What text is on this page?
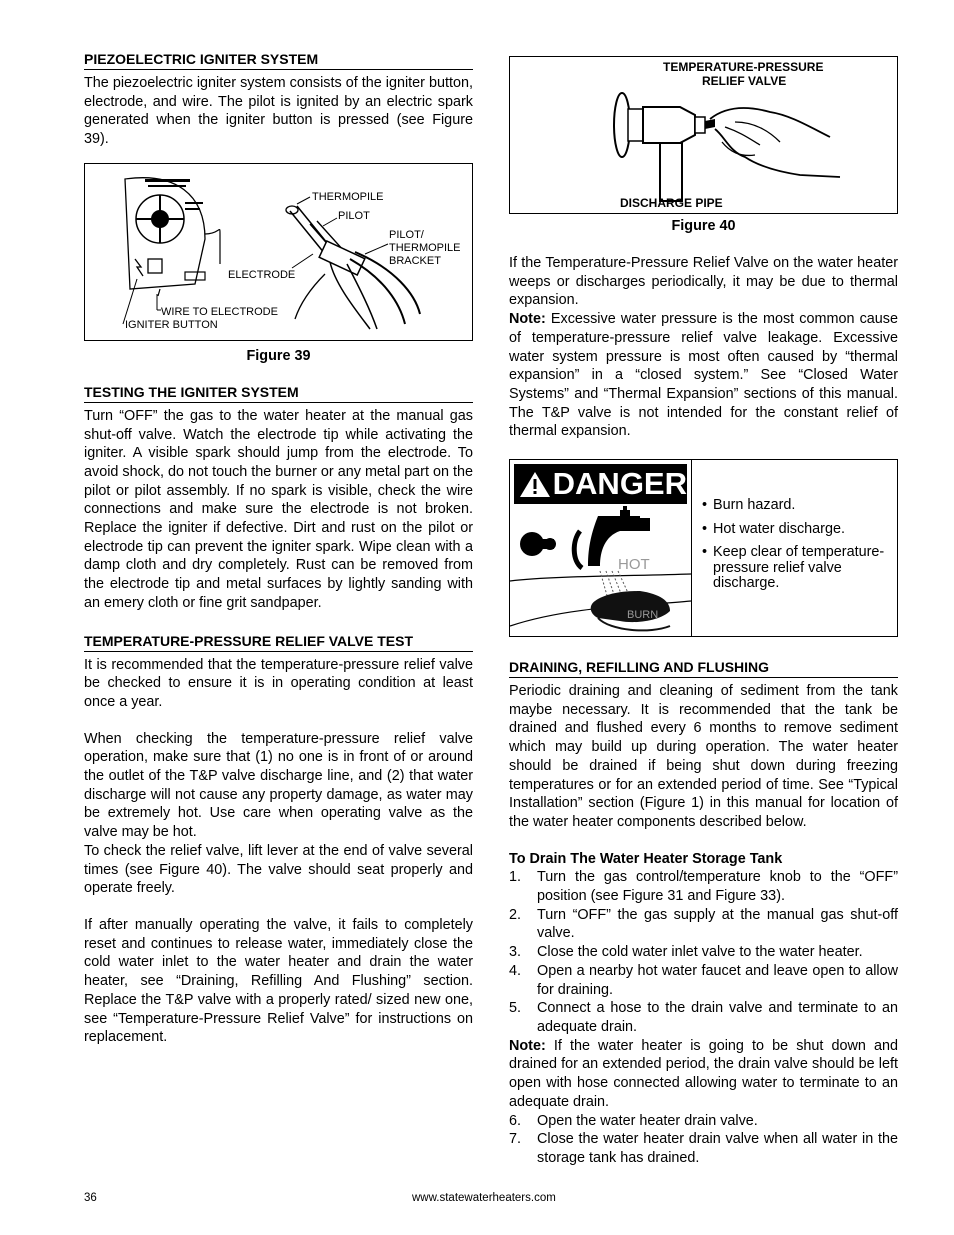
PIEZOELECTRIC IGNITER SYSTEM

The piezoelectric igniter system consists of the igniter button, electrode, and wire. The pilot is ignited by an electric spark generated when the igniter button is pressed (see Figure 39).

THERMOPILE
PILOT
PILOT/
THERMOPILE
BRACKET
ELECTRODE
WIRE TO ELECTRODE
IGNITER BUTTON
Figure 39
TESTING THE IGNITER SYSTEM

Turn “OFF” the gas to the water heater at the manual gas shut-off valve. Watch the electrode tip while activating the igniter. A visible spark should jump from the electrode. To avoid shock, do not touch the burner or any metal part on the pilot or pilot assembly. If no spark is visible, check the wire connections and make sure the electrode is not broken. Replace the igniter if defective. Dirt and rust on the pilot or electrode tip can prevent the igniter spark. Wipe clean with a damp cloth and dry completely. Rust can be removed from the electrode tip and metal surfaces by lightly sanding with an emery cloth or fine grit sandpaper.

TEMPERATURE-PRESSURE RELIEF VALVE TEST

It is recommended that the temperature-pressure relief valve be checked to ensure it is in operating condition at least once a year.

When checking the temperature-pressure relief valve operation, make sure that (1) no one is in front of or around the outlet of the T&P valve discharge line, and (2) that water discharge will not cause any property damage, as water may be extremely hot. Use care when operating valve as the valve may be hot.

To check the relief valve, lift lever at the end of valve several times (see Figure 40). The valve should seat properly and operate freely.

If after manually operating the valve, it fails to completely reset and continues to release water, immediately close the cold water inlet to the water heater and drain the water heater, see “Draining, Refilling And Flushing” section. Replace the T&P valve with a properly rated/ sized new one, see “Temperature-Pressure Relief Valve” for instructions on replacement.

TEMPERATURE-PRESSURE
RELIEF VALVE
DISCHARGE PIPE
Figure 40

If the Temperature-Pressure Relief Valve on the water heater weeps or discharges periodically, it may be due to thermal expansion.

Note: Excessive water pressure is the most common cause of temperature-pressure relief valve leakage. Excessive water system pressure is most often caused by “thermal expansion” in a “closed system.” See “Closed Water Systems” and “Thermal Expansion” sections of this manual. The T&P valve is not intended for the constant relief of thermal expansion.

DANGER
HOT
BURN
• Burn hazard.
• Hot water discharge.
• Keep clear of temperature-pressure relief valve discharge.
DRAINING, REFILLING AND FLUSHING

Periodic draining and cleaning of sediment from the tank maybe necessary. It is recommended that the tank be drained and flushed every 6 months to remove sediment which may build up during operation. The water heater should be drained if being shut down during freezing temperatures or for an extended period of time. See “Typical Installation” section (Figure 1) in this manual for location of the water heater components described below.

To Drain The Water Heater Storage Tank
1. Turn the gas control/temperature knob to the “OFF” position (see Figure 31 and Figure 33).
2. Turn “OFF” the gas supply at the manual gas shut-off valve.
3. Close the cold water inlet valve to the water heater.
4. Open a nearby hot water faucet and leave open to allow for draining.
5. Connect a hose to the drain valve and terminate to an adequate drain.

Note: If the water heater is going to be shut down and drained for an extended period, the drain valve should be left open with hose connected allowing water to terminate to an adequate drain.

6. Open the water heater drain valve.
7. Close the water heater drain valve when all water in the storage tank has drained.
36	www.statewaterheaters.com
